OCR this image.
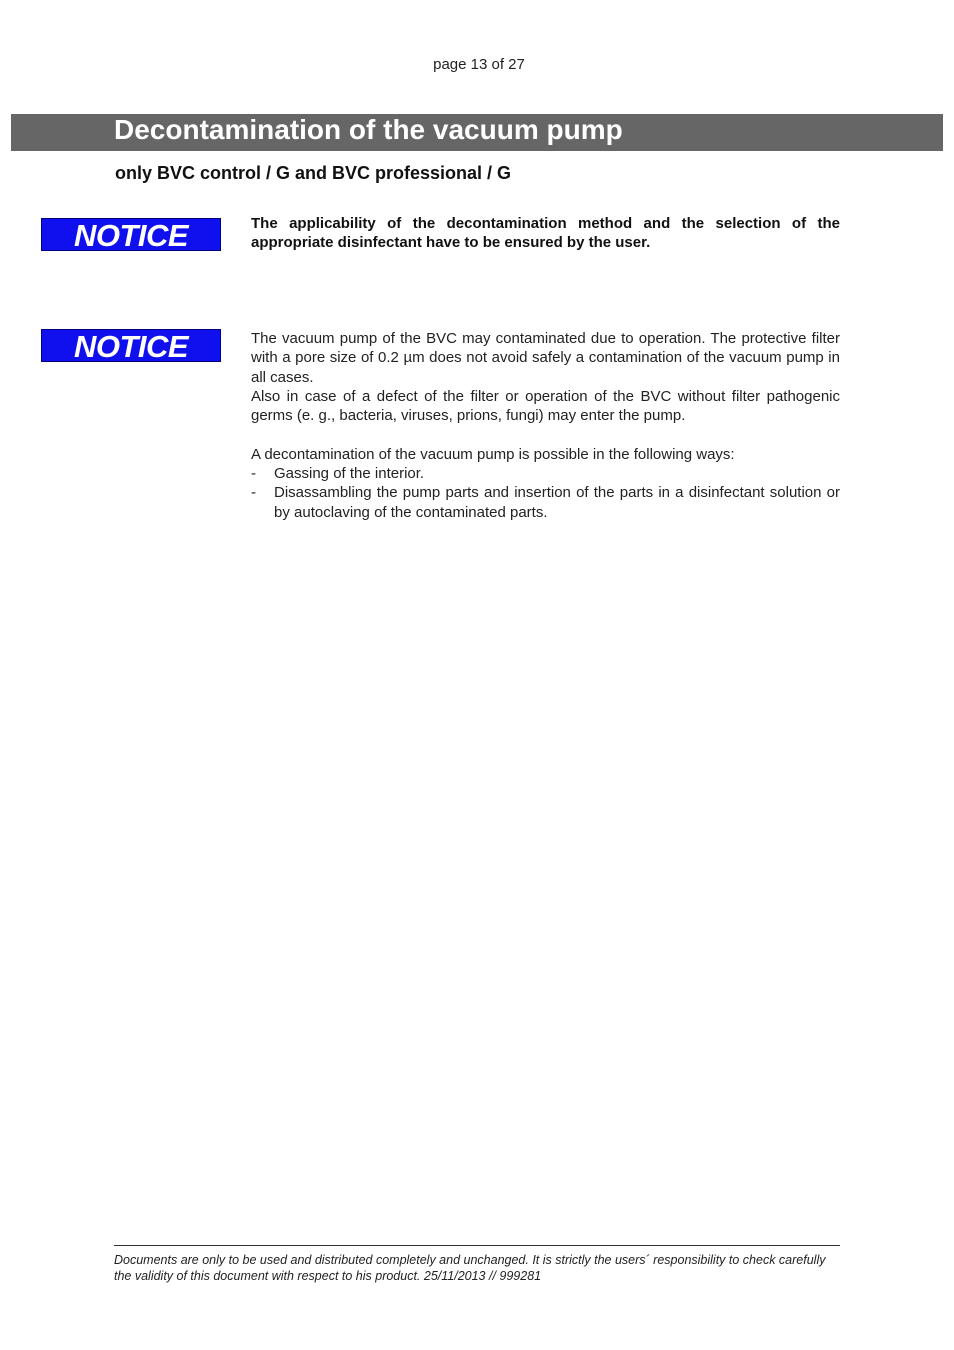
page 13 of 27
Decontamination of the vacuum pump
only BVC control / G and BVC professional / G
NOTICE	The applicability of the decontamination method and the selection of the appropriate disinfectant have to be ensured by the user.

NOTICE	The vacuum pump of the BVC may contaminated due to operation. The protective filter with a pore size of 0.2 µm does not avoid safely a contamination of the vacuum pump in all cases.

Also in case of a defect of the filter or operation of the BVC without filter pathogenic germs (e. g., bacteria, viruses, prions, fungi) may enter the pump.

A decontamination of the vacuum pump is possible in the following ways:

- Gassing of the interior.
- Disassambling the pump parts and insertion of the parts in a disinfectant solution or by autoclaving of the contaminated parts.

Documents are only to be used and distributed completely and unchanged. It is strictly the users´ responsibility to check carefully

the validity of this document with respect to his product. 25/11/2013 // 999281
